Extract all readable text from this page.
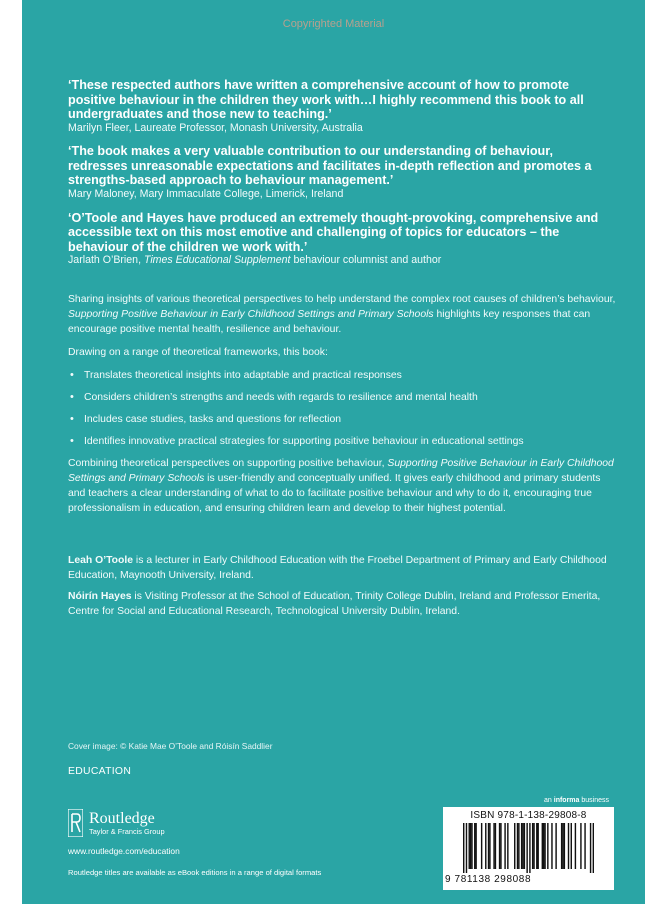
Copyrighted Material
‘These respected authors have written a comprehensive account of how to promote positive behaviour in the children they work with…I highly recommend this book to all undergraduates and those new to teaching.’
Marilyn Fleer, Laureate Professor, Monash University, Australia
‘The book makes a very valuable contribution to our understanding of behaviour, redresses unreasonable expectations and facilitates in-depth reflection and promotes a strengths-based approach to behaviour management.’
Mary Maloney, Mary Immaculate College, Limerick, Ireland
‘O’Toole and Hayes have produced an extremely thought-provoking, comprehensive and accessible text on this most emotive and challenging of topics for educators – the behaviour of the children we work with.’
Jarlath O’Brien, Times Educational Supplement behaviour columnist and author

Sharing insights of various theoretical perspectives to help understand the complex root causes of children’s behaviour, Supporting Positive Behaviour in Early Childhood Settings and Primary Schools highlights key responses that can encourage positive mental health, resilience and behaviour.

Drawing on a range of theoretical frameworks, this book:

• Translates theoretical insights into adaptable and practical responses
• Considers children’s strengths and needs with regards to resilience and mental health
• Includes case studies, tasks and questions for reflection
• Identifies innovative practical strategies for supporting positive behaviour in educational settings

Combining theoretical perspectives on supporting positive behaviour, Supporting Positive Behaviour in Early Childhood Settings and Primary Schools is user-friendly and conceptually unified. It gives early childhood and primary students and teachers a clear understanding of what to do to facilitate positive behaviour and why to do it, encouraging true professionalism in education, and ensuring children learn and develop to their highest potential.

Leah O’Toole is a lecturer in Early Childhood Education with the Froebel Department of Primary and Early Childhood Education, Maynooth University, Ireland.

Nóirín Hayes is Visiting Professor at the School of Education, Trinity College Dublin, Ireland and Professor Emerita, Centre for Social and Educational Research, Technological University Dublin, Ireland.

Cover image: © Katie Mae O’Toole and Róisín Saddlier
EDUCATION
Routledge
Taylor & Francis Group
www.routledge.com/education
Routledge titles are available as eBook editions in a range of digital formats
an informa business
ISBN 978-1-138-29808-8
9 781138 298088
